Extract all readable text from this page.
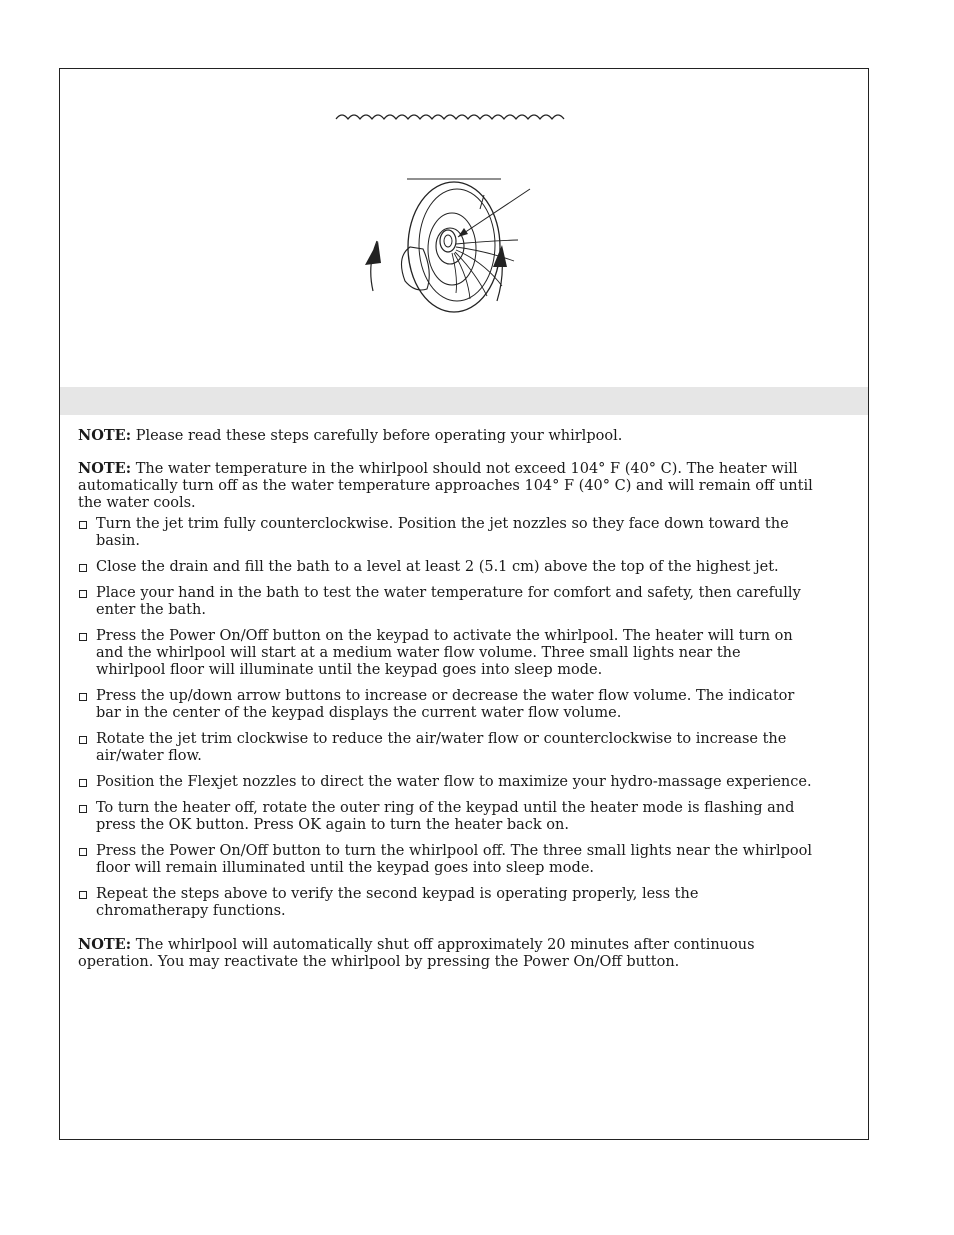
NOTE: Please read these steps carefully before operating your whirlpool.

NOTE: The water temperature in the whirlpool should not exceed 104° F (40° C). The heater will automatically turn off as the water temperature approaches 104° F (40° C) and will remain off until the water cools.

Turn the jet trim fully counterclockwise. Position the jet nozzles so they face down toward the basin.
Close the drain and fill the bath to a level at least 2 (5.1 cm) above the top of the highest jet.
Place your hand in the bath to test the water temperature for comfort and safety, then carefully enter the bath.
Press the Power On/Off button on the keypad to activate the whirlpool. The heater will turn on and the whirlpool will start at a medium water flow volume. Three small lights near the whirlpool floor will illuminate until the keypad goes into sleep mode.
Press the up/down arrow buttons to increase or decrease the water flow volume. The indicator bar in the center of the keypad displays the current water flow volume.
Rotate the jet trim clockwise to reduce the air/water flow or counterclockwise to increase the air/water flow.
Position the Flexjet nozzles to direct the water flow to maximize your hydro-massage experience.
To turn the heater off, rotate the outer ring of the keypad until the heater mode is flashing and press the OK button. Press OK again to turn the heater back on.
Press the Power On/Off button to turn the whirlpool off. The three small lights near the whirlpool floor will remain illuminated until the keypad goes into sleep mode.
Repeat the steps above to verify the second keypad is operating properly, less the chromatherapy functions.

NOTE: The whirlpool will automatically shut off approximately 20 minutes after continuous operation. You may reactivate the whirlpool by pressing the Power On/Off button.
